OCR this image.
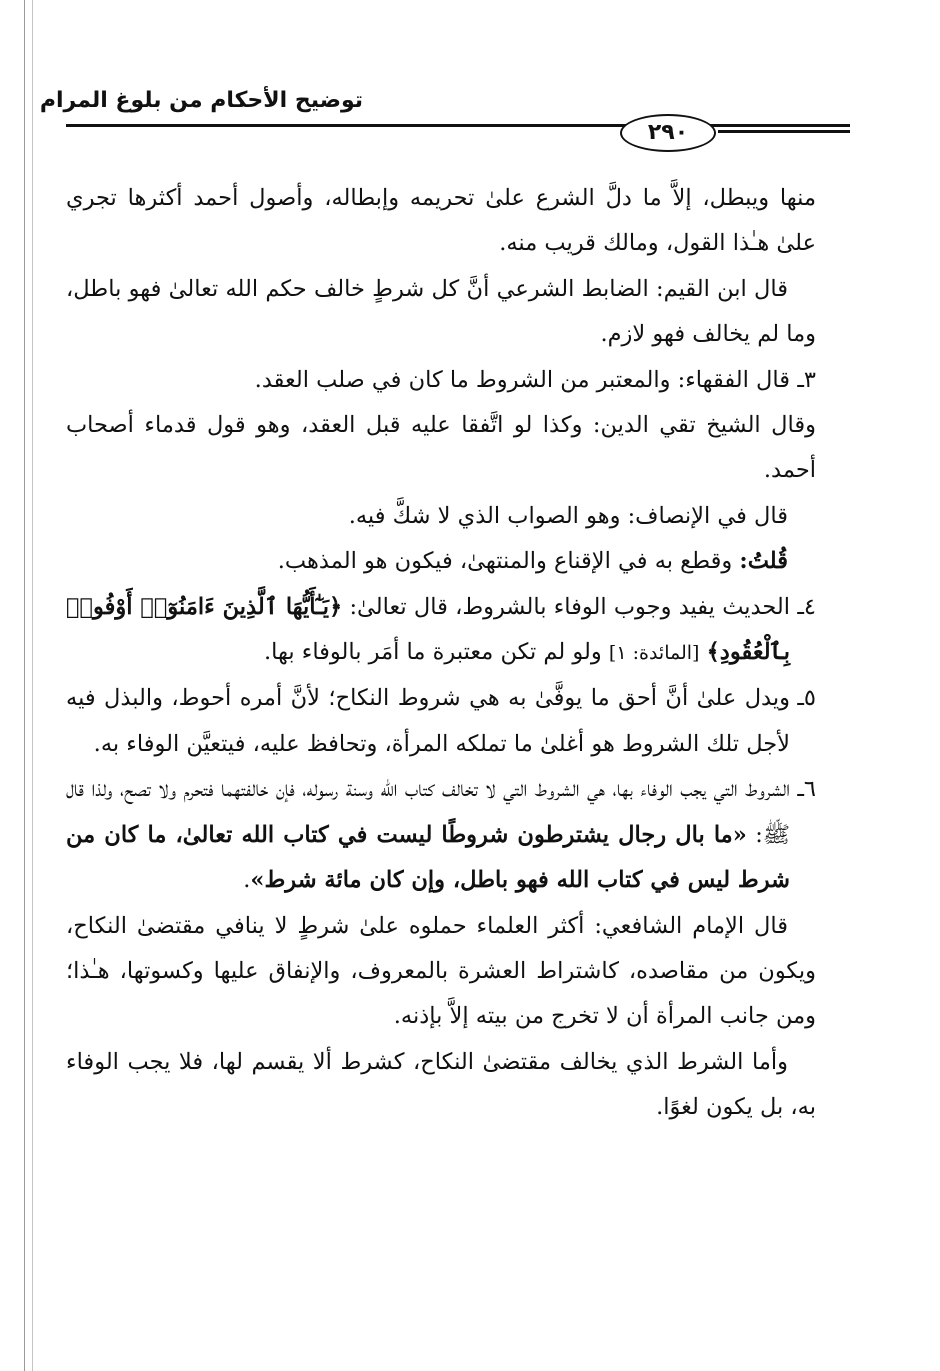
توضيح الأحكام من بلوغ المرام
٢٩٠

منها ويبطل، إلاَّ ما دلَّ الشرع علىٰ تحريمه وإبطاله، وأصول أحمد أكثرها تجري علىٰ هـٰذا القول، ومالك قريب منه.

قال ابن القيم: الضابط الشرعي أنَّ كل شرطٍ خالف حكم الله تعالىٰ فهو باطل، وما لم يخالف فهو لازم.

٣ـ
قال الفقهاء: والمعتبر من الشروط ما كان في صلب العقد.

وقال الشيخ تقي الدين: وكذا لو اتَّفقا عليه قبل العقد، وهو قول قدماء أصحاب أحمد.

قال في الإنصاف: وهو الصواب الذي لا شكَّ فيه.

قُلتُ: وقطع به في الإقناع والمنتهىٰ، فيكون هو المذهب.

٤ـ
الحديث يفيد وجوب الوفاء بالشروط، قال تعالىٰ: ﴿يَـٰٓأَيُّهَا ٱلَّذِينَ ءَامَنُوٓا۟ أَوْفُوا۟ بِٱلْعُقُودِ﴾ [المائدة: ١] ولو لم تكن معتبرة ما أمَر بالوفاء بها.

٥ـ
ويدل علىٰ أنَّ أحق ما يوفَّىٰ به هي شروط النكاح؛ لأنَّ أمره أحوط، والبذل فيه لأجل تلك الشروط هو أغلىٰ ما تملكه المرأة، وتحافظ عليه، فيتعيَّن الوفاء به.

٦ـ
الشروط التي يجب الوفاء بها، هي الشروط التي لا تخالف كتاب الله وسنة رسوله، فإن خالفتهما فتحرم ولا تصح، ولذا قال ﷺ: «ما بال رجال يشترطون شروطًا ليست في كتاب الله تعالىٰ، ما كان من شرط ليس في كتاب الله فهو باطل، وإن كان مائة شرط».

قال الإمام الشافعي: أكثر العلماء حملوه علىٰ شرطٍ لا ينافي مقتضىٰ النكاح، ويكون من مقاصده، كاشتراط العشرة بالمعروف، والإنفاق عليها وكسوتها، هـٰذا؛ ومن جانب المرأة أن لا تخرج من بيته إلاَّ بإذنه.

وأما الشرط الذي يخالف مقتضىٰ النكاح، كشرط ألا يقسم لها، فلا يجب الوفاء به، بل يكون لغوًا.
